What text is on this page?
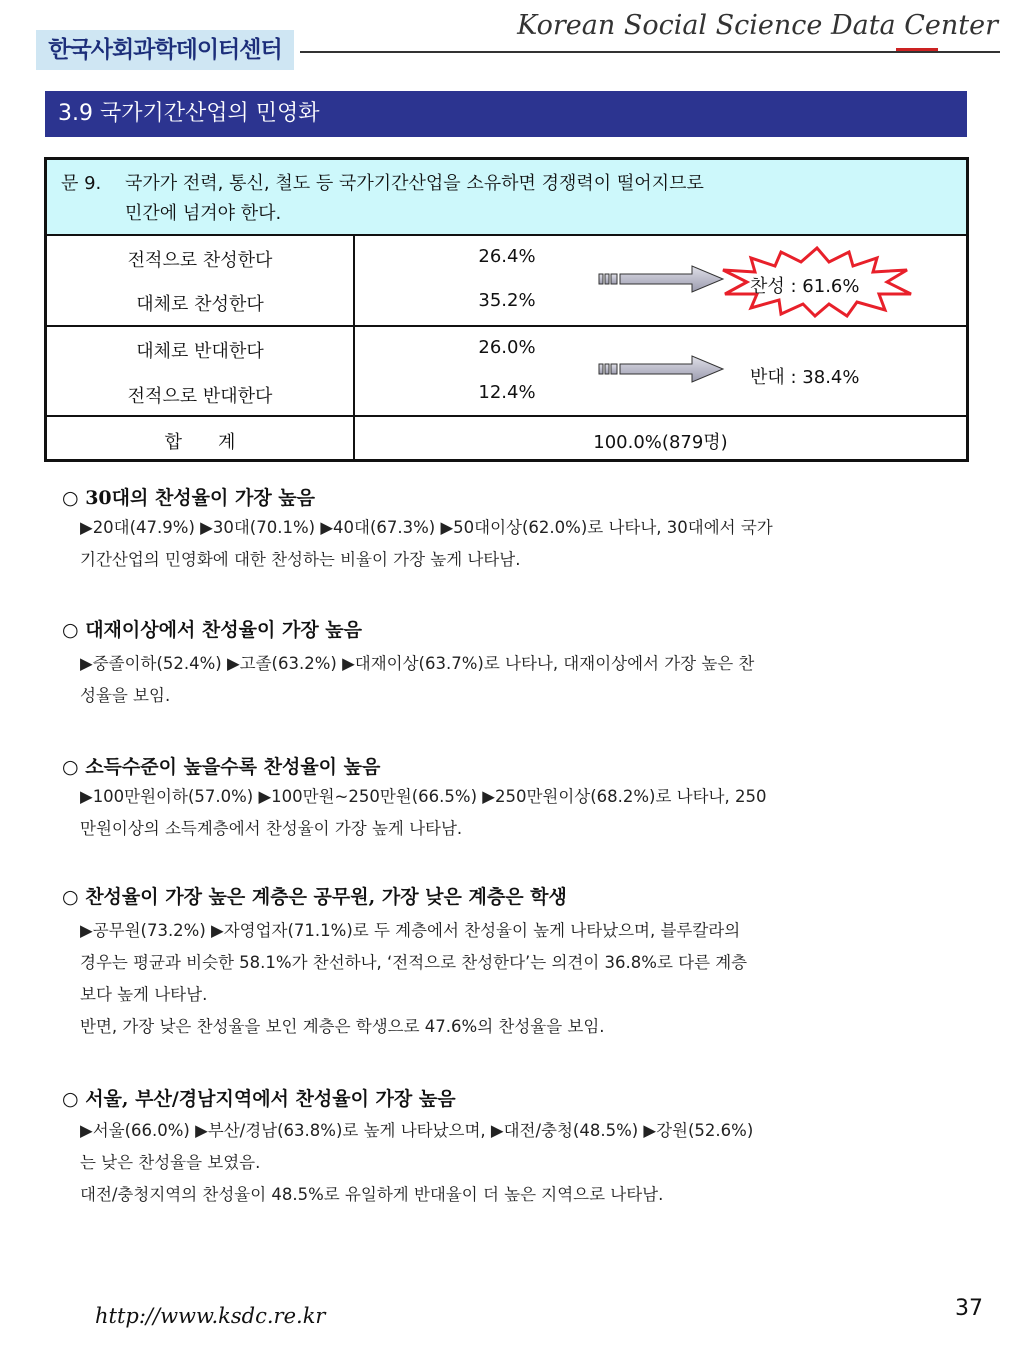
한국사회과학데이터센터
Korean Social Science Data Center
3.9 국가기간산업의 민영화
문 9. 국가가 전력, 통신, 철도 등 국가기간산업을 소유하면 경쟁력이 떨어지므로
민간에 넘겨야 한다.
전적으로 찬성한다	26.4%
대체로 찬성한다	35.2%
대체로 반대한다	26.0%
전적으로 반대한다	12.4%
합　　계	100.0%(879명)
찬성 : 61.6%
반대 : 38.4%
○ 30대의 찬성율이 가장 높음
▶20대(47.9%) ▶30대(70.1%) ▶40대(67.3%) ▶50대이상(62.0%)로 나타나, 30대에서 국가
기간산업의 민영화에 대한 찬성하는 비율이 가장 높게 나타남.
○ 대재이상에서 찬성율이 가장 높음
▶중졸이하(52.4%) ▶고졸(63.2%) ▶대재이상(63.7%)로 나타나, 대재이상에서 가장 높은 찬
성율을 보임.
○ 소득수준이 높을수록 찬성율이 높음
▶100만원이하(57.0%) ▶100만원~250만원(66.5%) ▶250만원이상(68.2%)로 나타나, 250
만원이상의 소득계층에서 찬성율이 가장 높게 나타남.
○ 찬성율이 가장 높은 계층은 공무원, 가장 낮은 계층은 학생
▶공무원(73.2%) ▶자영업자(71.1%)로 두 계층에서 찬성율이 높게 나타났으며, 블루칼라의
경우는 평균과 비슷한 58.1%가 찬선하나, ‘전적으로 찬성한다’는 의견이 36.8%로 다른 계층
보다 높게 나타남.
반면, 가장 낮은 찬성율을 보인 계층은 학생으로 47.6%의 찬성율을 보임.
○ 서울, 부산/경남지역에서 찬성율이 가장 높음
▶서울(66.0%) ▶부산/경남(63.8%)로 높게 나타났으며, ▶대전/충청(48.5%) ▶강원(52.6%)
는 낮은 찬성율을 보였음.
대전/충청지역의 찬성율이 48.5%로 유일하게 반대율이 더 높은 지역으로 나타남.
http://www.ksdc.re.kr	37
